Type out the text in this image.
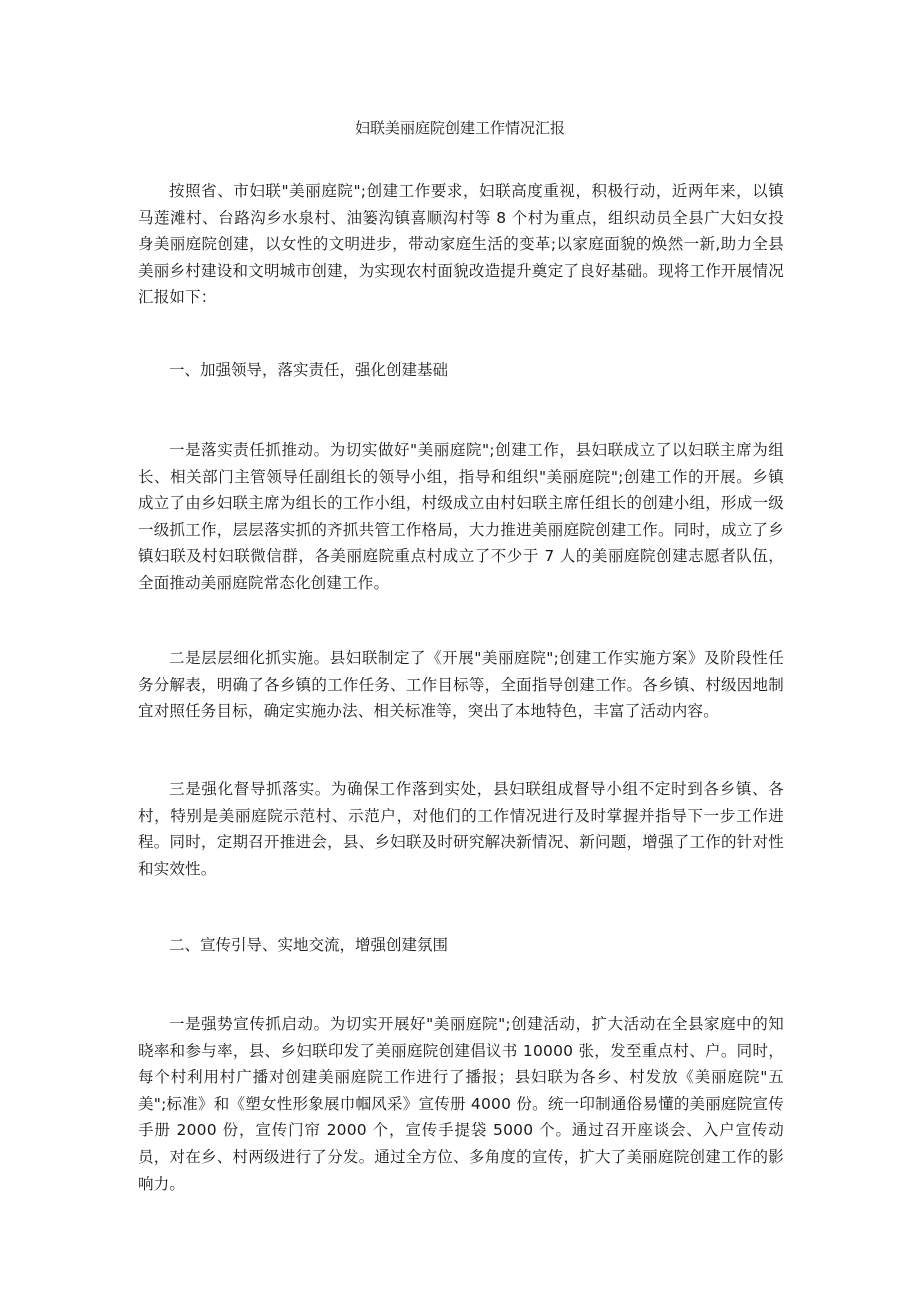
妇联美丽庭院创建工作情况汇报

按照省、市妇联"美丽庭院";创建工作要求，妇联高度重视，积极行动，近两年来，以镇马莲滩村、台路沟乡水泉村、油篓沟镇喜顺沟村等 8 个村为重点，组织动员全县广大妇女投身美丽庭院创建，以女性的文明进步，带动家庭生活的变革;以家庭面貌的焕然一新,助力全县美丽乡村建设和文明城市创建，为实现农村面貌改造提升奠定了良好基础。现将工作开展情况汇报如下：

一、加强领导，落实责任，强化创建基础

一是落实责任抓推动。为切实做好"美丽庭院";创建工作，县妇联成立了以妇联主席为组长、相关部门主管领导任副组长的领导小组，指导和组织"美丽庭院";创建工作的开展。乡镇成立了由乡妇联主席为组长的工作小组，村级成立由村妇联主席任组长的创建小组，形成一级一级抓工作，层层落实抓的齐抓共管工作格局，大力推进美丽庭院创建工作。同时，成立了乡镇妇联及村妇联微信群，各美丽庭院重点村成立了不少于 7 人的美丽庭院创建志愿者队伍，全面推动美丽庭院常态化创建工作。

二是层层细化抓实施。县妇联制定了《开展"美丽庭院";创建工作实施方案》及阶段性任务分解表，明确了各乡镇的工作任务、工作目标等，全面指导创建工作。各乡镇、村级因地制宜对照任务目标，确定实施办法、相关标准等，突出了本地特色，丰富了活动内容。

三是强化督导抓落实。为确保工作落到实处，县妇联组成督导小组不定时到各乡镇、各村，特别是美丽庭院示范村、示范户，对他们的工作情况进行及时掌握并指导下一步工作进程。同时，定期召开推进会，县、乡妇联及时研究解决新情况、新问题，增强了工作的针对性和实效性。

二、宣传引导、实地交流，增强创建氛围

一是强势宣传抓启动。为切实开展好"美丽庭院";创建活动，扩大活动在全县家庭中的知晓率和参与率，县、乡妇联印发了美丽庭院创建倡议书 10000 张，发至重点村、户。同时，每个村利用村广播对创建美丽庭院工作进行了播报；县妇联为各乡、村发放《美丽庭院"五美";标准》和《塑女性形象展巾帼风采》宣传册 4000 份。统一印制通俗易懂的美丽庭院宣传手册 2000 份，宣传门帘 2000 个，宣传手提袋 5000 个。通过召开座谈会、入户宣传动员，对在乡、村两级进行了分发。通过全方位、多角度的宣传，扩大了美丽庭院创建工作的影响力。
